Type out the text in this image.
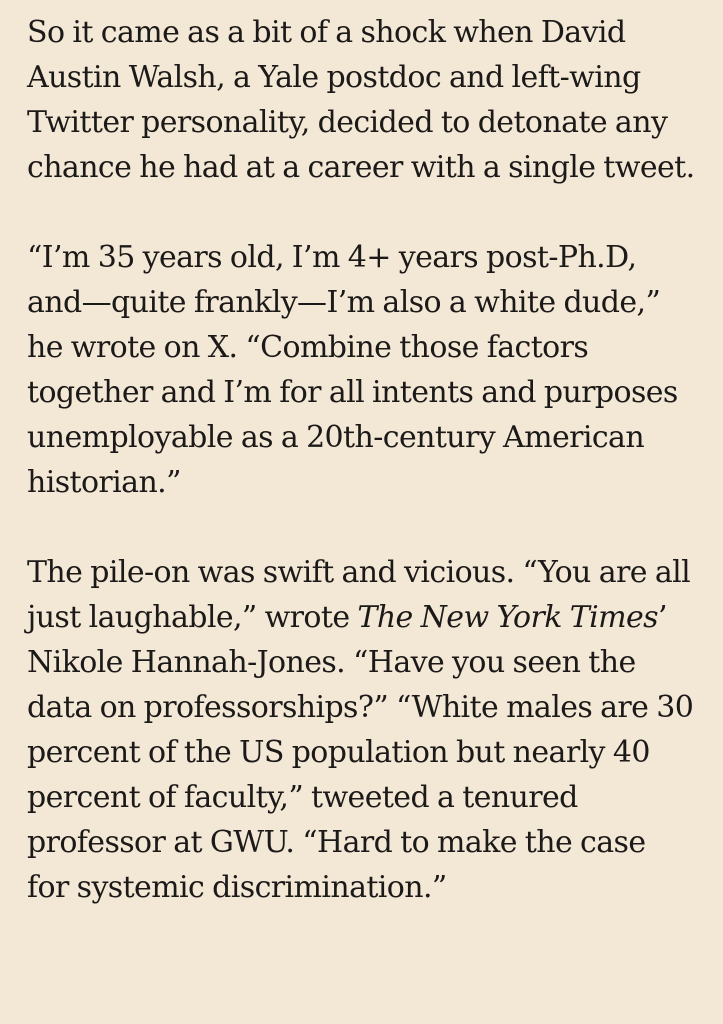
So it came as a bit of a shock when David
Austin Walsh, a Yale postdoc and left-wing
Twitter personality, decided to detonate any
chance he had at a career with a single tweet.

“I’m 35 years old, I’m 4+ years post-Ph.D,
and—quite frankly—I’m also a white dude,”
he wrote on X. “Combine those factors
together and I’m for all intents and purposes
unemployable as a 20th-century American
historian.”

The pile-on was swift and vicious. “You are all
just laughable,” wrote The New York Times’
Nikole Hannah-Jones. “Have you seen the
data on professorships?” “White males are 30
percent of the US population but nearly 40
percent of faculty,” tweeted a tenured
professor at GWU. “Hard to make the case
for systemic discrimination.”
